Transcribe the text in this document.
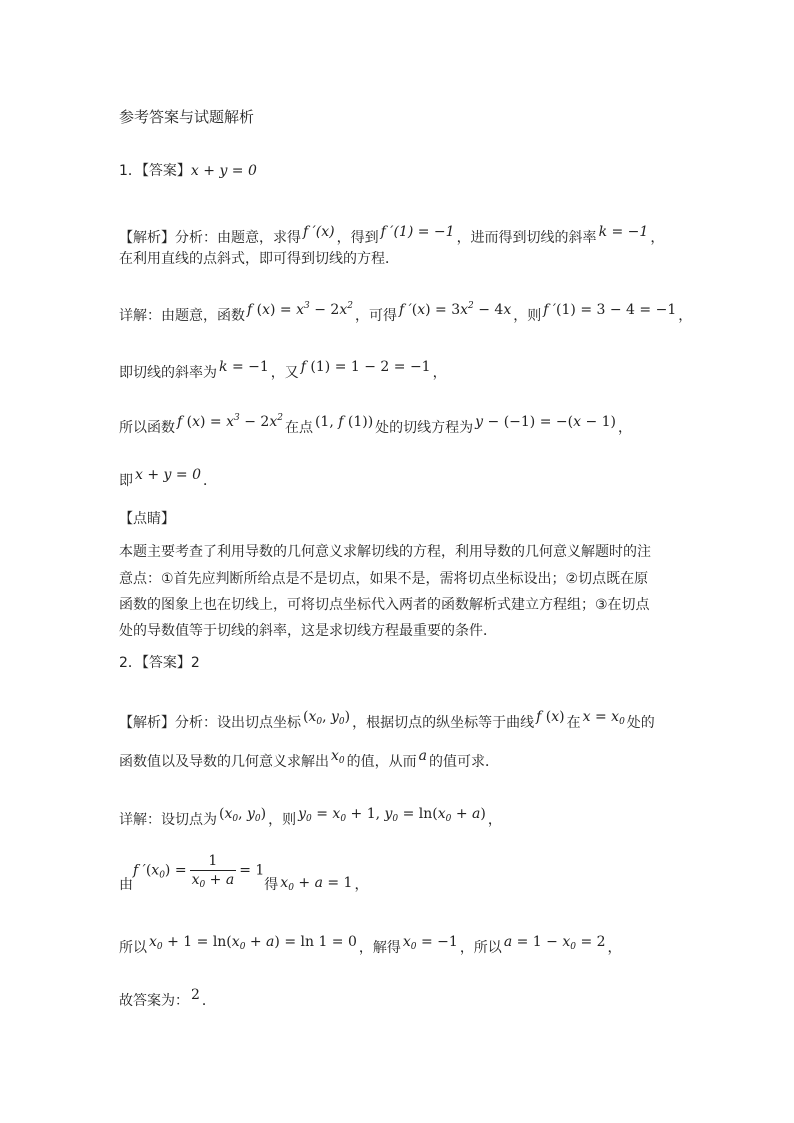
参考答案与试题解析
1．【答案】x + y = 0
【解析】分析：由题意，求得 f ′(x) ，得到 f ′(1) = −1 ，进而得到切线的斜率 k = −1 ，
在利用直线的点斜式，即可得到切线的方程．
详解：由题意，函数 f $(x) = x^3 - 2x^2$，可得 f $'(x) = 3x^2 - 4x$ ，则 f ′(1) = 3 − 4 = −1 ，
即切线的斜率为 k = −1 ，又 f (1) = 1 − 2 = −1 ，
所以函数 f $(x) = x^3 - 2x^2$在点 (1, f (1)) 处的切线方程为 y − (−1) = −(x − 1) ，
即 x + y = 0 ．
【点睛】
本题主要考查了利用导数的几何意义求解切线的方程，利用导数的几何意义解题时的注
意点：①首先应判断所给点是不是切点，如果不是，需将切点坐标设出；②切点既在原
函数的图象上也在切线上，可将切点坐标代入两者的函数解析式建立方程组；③在切点
处的导数值等于切线的斜率，这是求切线方程最重要的条件．
2．【答案】2
【解析】分析：设出切点坐标 ($x_0$, $y_0$) ，根据切点的纵坐标等于曲线 f (x) 在 $x = x_0$ 处的
函数值以及导数的几何意义求解出 $x_0$ 的值，从而 a 的值可求．
详解：设切点为 ($x_0$, $y_0$) ，则 $y_0 = x_0 + 1$, $y_0 = \ln(x_0 + a)$ ，
由f $'(x_0) = \frac{1}{x_0 + a} = 1$得 $x_0 + a = 1$ ，
所以 $x_0 + 1 = \ln(x_0 + a) = \ln 1 = 0$ ，解得 $x_0 = -1$ ，所以 $a = 1 - x_0 = 2$ ，
故答案为： 2 ．
